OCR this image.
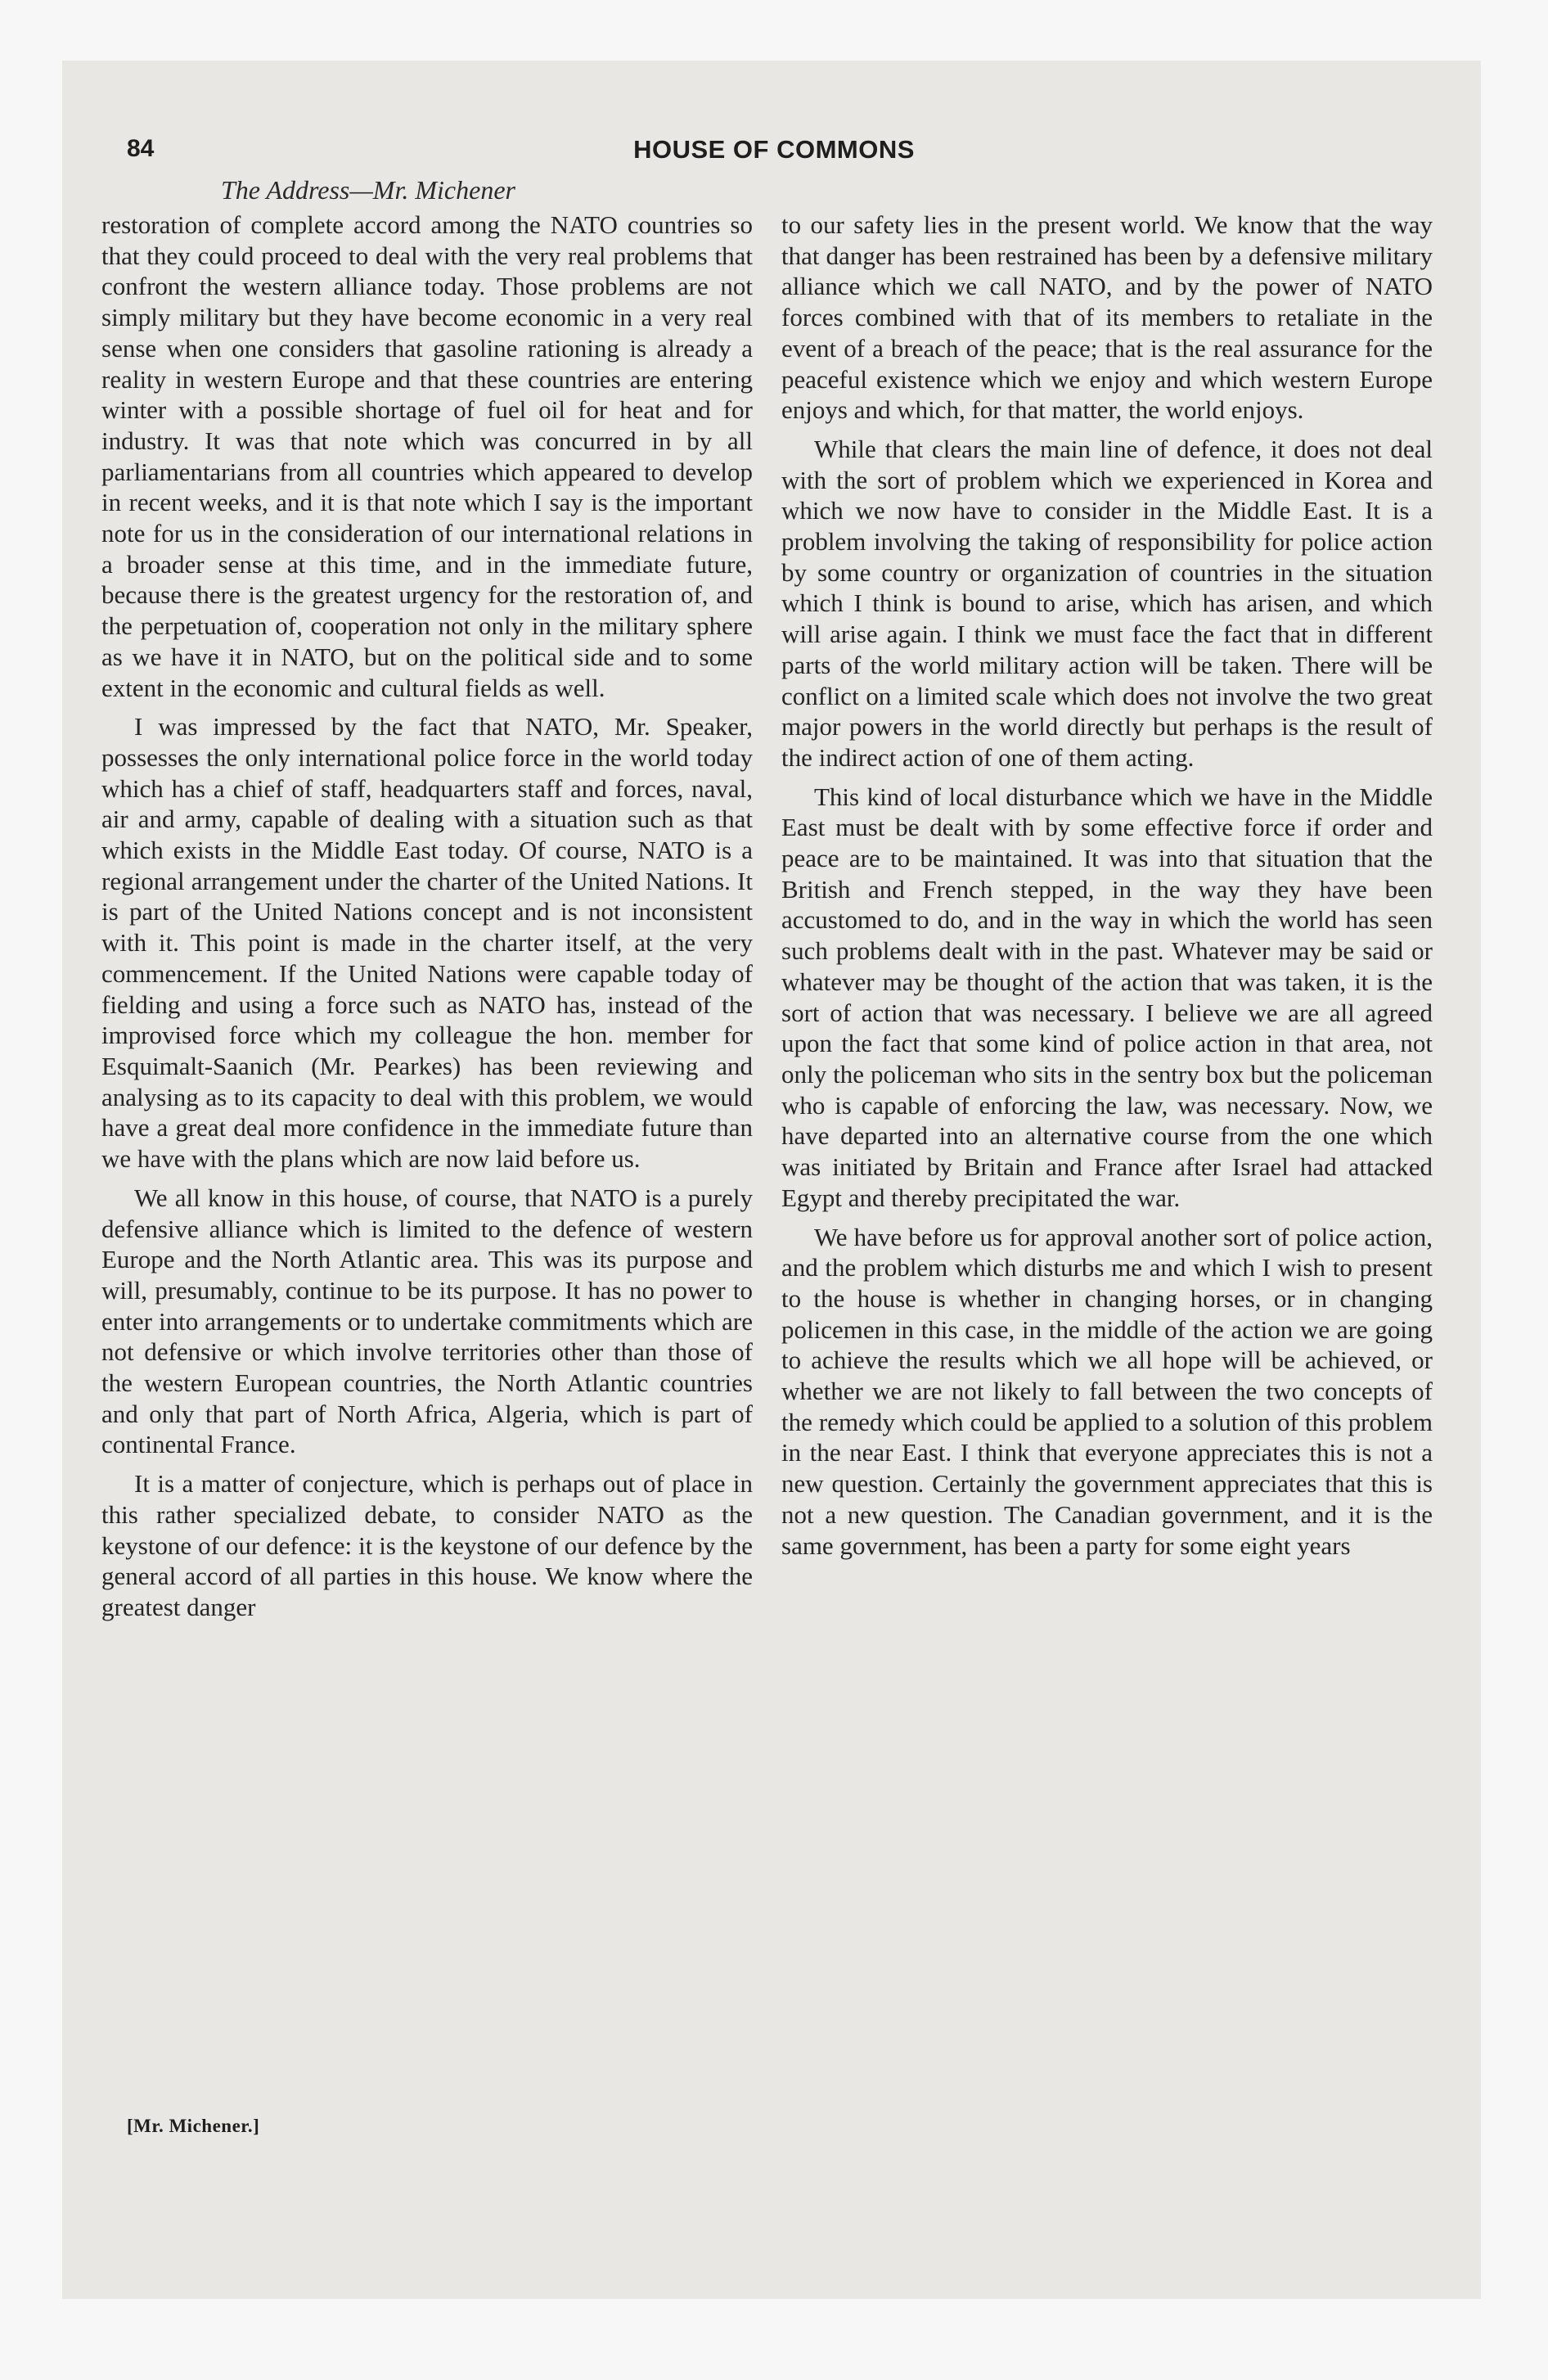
84	HOUSE OF COMMONS
The Address—Mr. Michener

restoration of complete accord among the NATO countries so that they could proceed to deal with the very real problems that confront the western alliance today. Those problems are not simply military but they have become economic in a very real sense when one considers that gasoline rationing is already a reality in western Europe and that these countries are entering winter with a possible shortage of fuel oil for heat and for industry. It was that note which was concurred in by all parliamentarians from all countries which appeared to develop in recent weeks, and it is that note which I say is the important note for us in the consideration of our international relations in a broader sense at this time, and in the immediate future, because there is the greatest urgency for the restoration of, and the perpetuation of, cooperation not only in the military sphere as we have it in NATO, but on the political side and to some extent in the economic and cultural fields as well.

I was impressed by the fact that NATO, Mr. Speaker, possesses the only international police force in the world today which has a chief of staff, headquarters staff and forces, naval, air and army, capable of dealing with a situation such as that which exists in the Middle East today. Of course, NATO is a regional arrangement under the charter of the United Nations. It is part of the United Nations concept and is not inconsistent with it. This point is made in the charter itself, at the very commencement. If the United Nations were capable today of fielding and using a force such as NATO has, instead of the improvised force which my colleague the hon. member for Esquimalt-Saanich (Mr. Pearkes) has been reviewing and analysing as to its capacity to deal with this problem, we would have a great deal more confidence in the immediate future than we have with the plans which are now laid before us.

We all know in this house, of course, that NATO is a purely defensive alliance which is limited to the defence of western Europe and the North Atlantic area. This was its purpose and will, presumably, continue to be its purpose. It has no power to enter into arrangements or to undertake commitments which are not defensive or which involve territories other than those of the western European countries, the North Atlantic countries and only that part of North Africa, Algeria, which is part of continental France.

It is a matter of conjecture, which is perhaps out of place in this rather specialized debate, to consider NATO as the keystone of our defence: it is the keystone of our defence by the general accord of all parties in this house. We know where the greatest danger

to our safety lies in the present world. We know that the way that danger has been restrained has been by a defensive military alliance which we call NATO, and by the power of NATO forces combined with that of its members to retaliate in the event of a breach of the peace; that is the real assurance for the peaceful existence which we enjoy and which western Europe enjoys and which, for that matter, the world enjoys.

While that clears the main line of defence, it does not deal with the sort of problem which we experienced in Korea and which we now have to consider in the Middle East. It is a problem involving the taking of responsibility for police action by some country or organization of countries in the situation which I think is bound to arise, which has arisen, and which will arise again. I think we must face the fact that in different parts of the world military action will be taken. There will be conflict on a limited scale which does not involve the two great major powers in the world directly but perhaps is the result of the indirect action of one of them acting.

This kind of local disturbance which we have in the Middle East must be dealt with by some effective force if order and peace are to be maintained. It was into that situation that the British and French stepped, in the way they have been accustomed to do, and in the way in which the world has seen such problems dealt with in the past. Whatever may be said or whatever may be thought of the action that was taken, it is the sort of action that was necessary. I believe we are all agreed upon the fact that some kind of police action in that area, not only the policeman who sits in the sentry box but the policeman who is capable of enforcing the law, was necessary. Now, we have departed into an alternative course from the one which was initiated by Britain and France after Israel had attacked Egypt and thereby precipitated the war.

We have before us for approval another sort of police action, and the problem which disturbs me and which I wish to present to the house is whether in changing horses, or in changing policemen in this case, in the middle of the action we are going to achieve the results which we all hope will be achieved, or whether we are not likely to fall between the two concepts of the remedy which could be applied to a solution of this problem in the near East. I think that everyone appreciates this is not a new question. Certainly the government appreciates that this is not a new question. The Canadian government, and it is the same government, has been a party for some eight years

[Mr. Michener.]
